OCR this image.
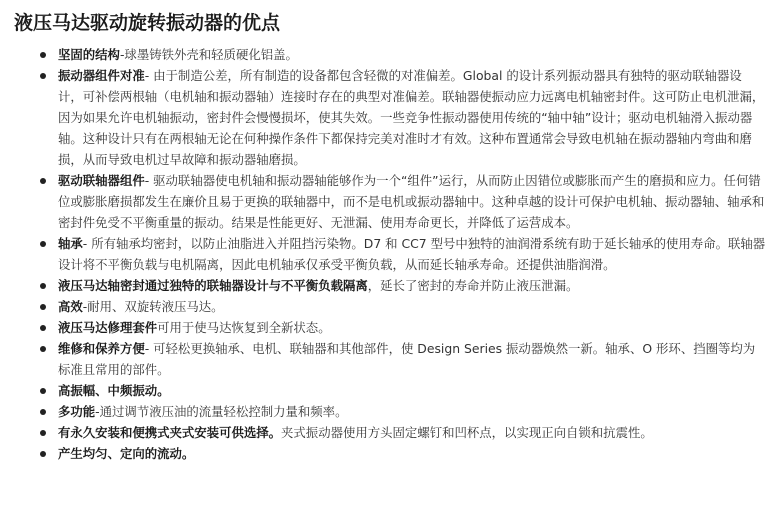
液压马达驱动旋转振动器的优点
坚固的结构-球墨铸铁外壳和轻质硬化铝盖。
振动器组件对准- 由于制造公差，所有制造的设备都包含轻微的对准偏差。Global 的设计系列振动器具有独特的驱动联轴器设计，可补偿两根轴（电机轴和振动器轴）连接时存在的典型对准偏差。联轴器使振动应力远离电机轴密封件。这可防止电机泄漏，因为如果允许电机轴振动，密封件会慢慢损坏，使其失效。一些竞争性振动器使用传统的“轴中轴”设计；驱动电机轴滑入振动器轴。这种设计只有在两根轴无论在何种操作条件下都保持完美对准时才有效。这种布置通常会导致电机轴在振动器轴内弯曲和磨损，从而导致电机过早故障和振动器轴磨损。
驱动联轴器组件- 驱动联轴器使电机轴和振动器轴能够作为一个“组件”运行，从而防止因错位或膨胀而产生的磨损和应力。任何错位或膨胀磨损都发生在廉价且易于更换的联轴器中，而不是电机或振动器轴中。这种卓越的设计可保护电机轴、振动器轴、轴承和密封件免受不平衡重量的振动。结果是性能更好、无泄漏、使用寿命更长，并降低了运营成本。
轴承- 所有轴承均密封，以防止油脂进入并阻挡污染物。D7 和 CC7 型号中独特的油润滑系统有助于延长轴承的使用寿命。联轴器设计将不平衡负载与电机隔离，因此电机轴承仅承受平衡负载，从而延长轴承寿命。还提供油脂润滑。
液压马达轴密封通过独特的联轴器设计与不平衡负载隔离，延长了密封的寿命并防止液压泄漏。
高效-耐用、双旋转液压马达。
液压马达修理套件可用于使马达恢复到全新状态。
维修和保养方便- 可轻松更换轴承、电机、联轴器和其他部件，使 Design Series 振动器焕然一新。轴承、O 形环、挡圈等均为标准且常用的部件。
高振幅、中频振动。
多功能-通过调节液压油的流量轻松控制力量和频率。
有永久安装和便携式夹式安装可供选择。夹式振动器使用方头固定螺钉和凹杯点，以实现正向自锁和抗震性。
产生均匀、定向的流动。
